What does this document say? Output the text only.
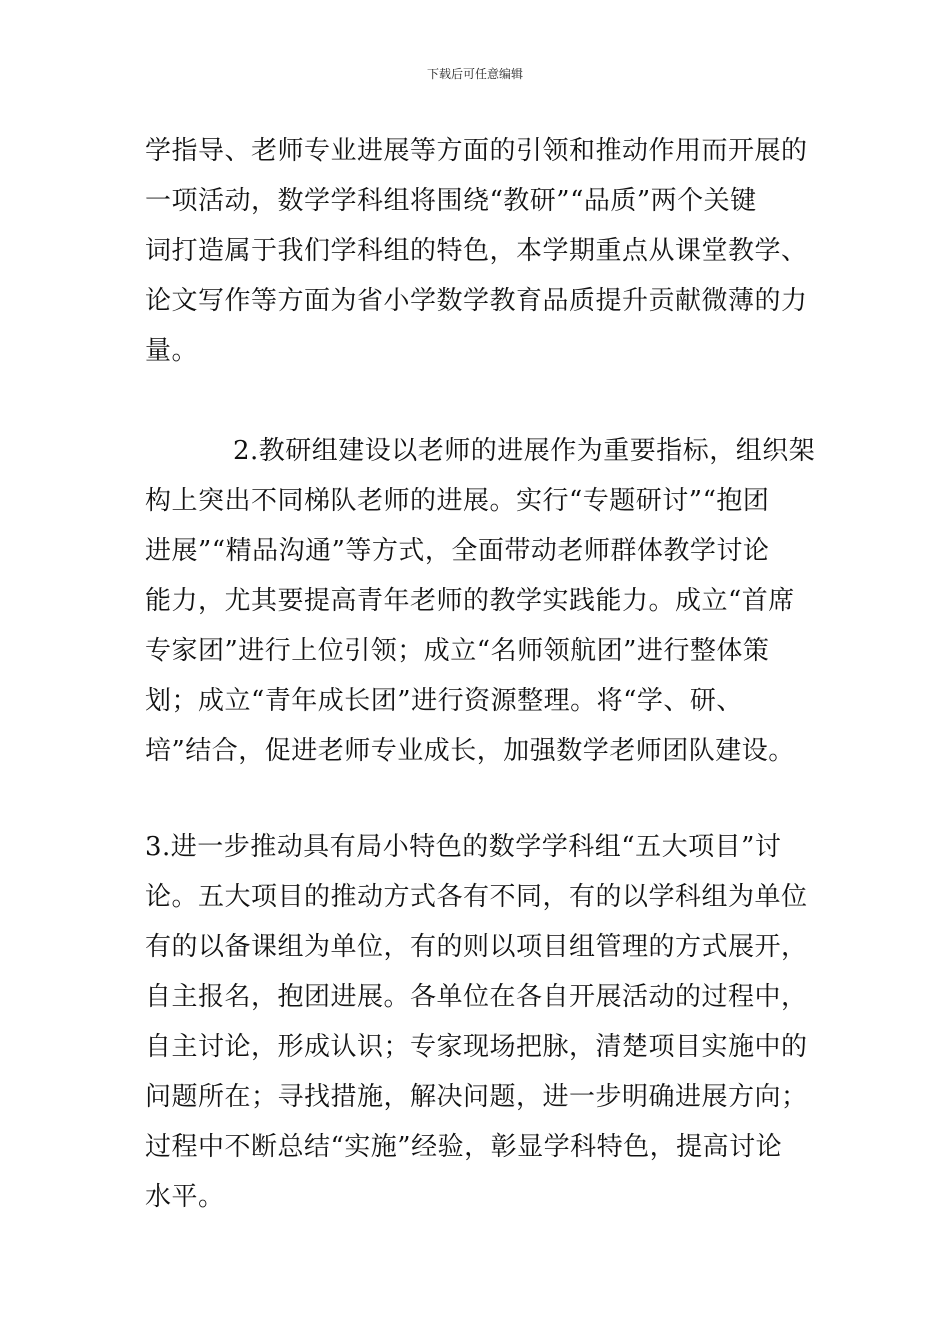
下载后可任意编辑
学指导、老师专业进展等方面的引领和推动作用而开展的
一项活动，数学学科组将围绕“教研”“品质”两个关键
词打造属于我们学科组的特色，本学期重点从课堂教学、
论文写作等方面为省小学数学教育品质提升贡献微薄的力
量。
2.教研组建设以老师的进展作为重要指标，组织架
构上突出不同梯队老师的进展。实行“专题研讨”“抱团
进展”“精品沟通”等方式，全面带动老师群体教学讨论
能力，尤其要提高青年老师的教学实践能力。成立“首席
专家团”进行上位引领；成立“名师领航团”进行整体策
划；成立“青年成长团”进行资源整理。将“学、研、
培”结合，促进老师专业成长，加强数学老师团队建设。
3.进一步推动具有局小特色的数学学科组“五大项目”讨
论。五大项目的推动方式各有不同，有的以学科组为单位
有的以备课组为单位，有的则以项目组管理的方式展开，
自主报名，抱团进展。各单位在各自开展活动的过程中，
自主讨论，形成认识；专家现场把脉，清楚项目实施中的
问题所在；寻找措施，解决问题，进一步明确进展方向；
过程中不断总结“实施”经验，彰显学科特色，提高讨论
水平。
